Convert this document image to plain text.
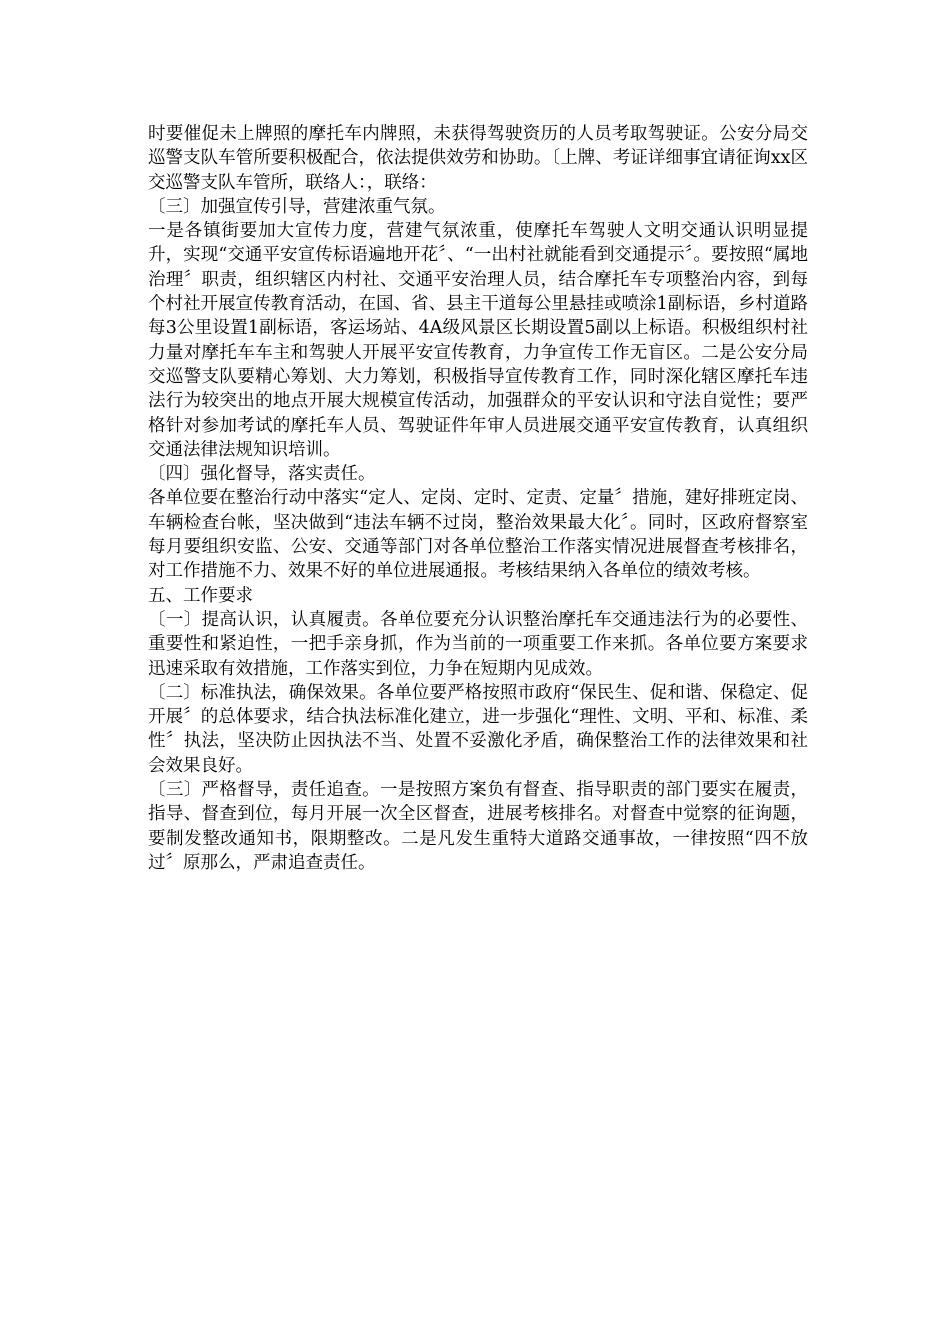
时要催促未上牌照的摩托车内牌照，未获得驾驶资历的人员考取驾驶证。公安分局交巡警支队车管所要积极配合，依法提供效劳和协助。〔上牌、考证详细事宜请征询xx区交巡警支队车管所，联络人：，联络：

〔三〕加强宣传引导，营建浓重气氛。

一是各镇街要加大宣传力度，营建气氛浓重，使摩托车驾驶人文明交通认识明显提升，实现“交通平安宣传标语遍地开花〞、“一出村社就能看到交通提示〞。要按照“属地治理〞职责，组织辖区内村社、交通平安治理人员，结合摩托车专项整治内容，到每个村社开展宣传教育活动，在国、省、县主干道每公里悬挂或喷涂1副标语，乡村道路每3公里设置1副标语，客运场站、4A级风景区长期设置5副以上标语。积极组织村社力量对摩托车车主和驾驶人开展平安宣传教育，力争宣传工作无盲区。二是公安分局交巡警支队要精心筹划、大力筹划，积极指导宣传教育工作，同时深化辖区摩托车违法行为较突出的地点开展大规模宣传活动，加强群众的平安认识和守法自觉性；要严格针对参加考试的摩托车人员、驾驶证件年审人员进展交通平安宣传教育，认真组织交通法律法规知识培训。

〔四〕强化督导，落实责任。

各单位要在整治行动中落实“定人、定岗、定时、定责、定量〞措施，建好排班定岗、车辆检查台帐，坚决做到“违法车辆不过岗，整治效果最大化〞。同时，区政府督察室每月要组织安监、公安、交通等部门对各单位整治工作落实情况进展督查考核排名，对工作措施不力、效果不好的单位进展通报。考核结果纳入各单位的绩效考核。

五、工作要求

〔一〕提高认识，认真履责。各单位要充分认识整治摩托车交通违法行为的必要性、重要性和紧迫性，一把手亲身抓，作为当前的一项重要工作来抓。各单位要方案要求迅速采取有效措施，工作落实到位，力争在短期内见成效。

〔二〕标准执法，确保效果。各单位要严格按照市政府“保民生、促和谐、保稳定、促开展〞的总体要求，结合执法标准化建立，进一步强化“理性、文明、平和、标准、柔性〞执法，坚决防止因执法不当、处置不妥激化矛盾，确保整治工作的法律效果和社会效果良好。

〔三〕严格督导，责任追查。一是按照方案负有督查、指导职责的部门要实在履责，指导、督查到位，每月开展一次全区督查，进展考核排名。对督查中觉察的征询题，要制发整改通知书，限期整改。二是凡发生重特大道路交通事故，一律按照“四不放过〞原那么，严肃追查责任。
